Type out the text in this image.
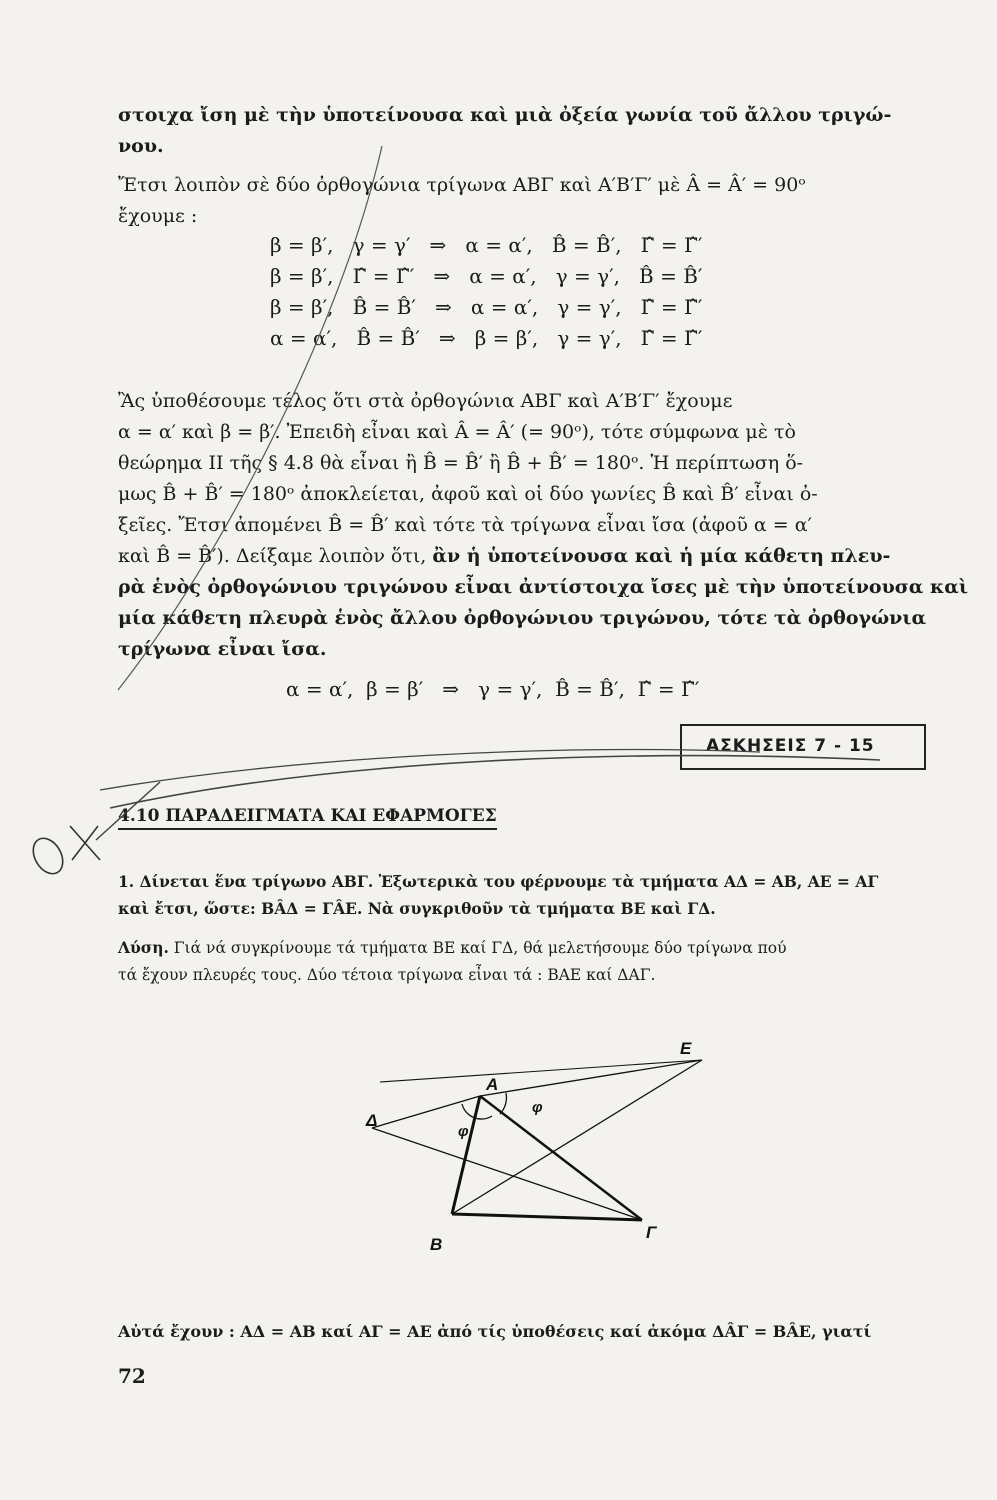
στοιχα ἴση μὲ τὴν ὑποτείνουσα καὶ μιὰ ὀξεία γωνία τοῦ ἄλλου τριγώ-
νου.
Ἔτσι λοιπὸν σὲ δύο ὀρθογώνια τρίγωνα ΑΒΓ καὶ Α′Β′Γ′ μὲ Â = Â′ = 90ᵒ
ἔχουμε :
β = β′,   γ = γ′   ⇒   α = α′,   B̂ = B̂′,   Γ̂ = Γ̂′
β = β′,   Γ̂ = Γ̂′   ⇒   α = α′,   γ = γ′,   B̂ = B̂′
β = β′,   B̂ = B̂′   ⇒   α = α′,   γ = γ′,   Γ̂ = Γ̂′
α = α′,   B̂ = B̂′   ⇒   β = β′,   γ = γ′,   Γ̂ = Γ̂′
Ἂς ὑποθέσουμε τέλος ὅτι στὰ ὀρθογώνια ΑΒΓ καὶ Α′Β′Γ′ ἔχουμε
α = α′ καὶ β = β′. Ἐπειδὴ εἶναι καὶ Â = Â′ (= 90ᵒ), τότε σύμφωνα μὲ τὸ
θεώρημα ΙΙ τῆς § 4.8 θὰ εἶναι ἢ B̂ = B̂′ ἢ B̂ + B̂′ = 180ᵒ. Ἡ περίπτωση ὅ-
μως B̂ + B̂′ = 180ᵒ ἀποκλείεται, ἀφοῦ καὶ οἱ δύο γωνίες B̂ καὶ B̂′ εἶναι ὀ-
ξεῖες. Ἔτσι ἀπομένει B̂ = B̂′ καὶ τότε τὰ τρίγωνα εἶναι ἴσα (ἀφοῦ α = α′
καὶ B̂ = B̂′). Δείξαμε λοιπὸν ὅτι, ἂν ἡ ὑποτείνουσα καὶ ἡ μία κάθετη πλευ-
ρὰ ἑνὸς ὀρθογώνιου τριγώνου εἶναι ἀντίστοιχα ἴσες μὲ τὴν ὑποτείνουσα καὶ
μία κάθετη πλευρὰ ἑνὸς ἄλλου ὀρθογώνιου τριγώνου, τότε τὰ ὀρθογώνια
τρίγωνα εἶναι ἴσα.
α = α′,  β = β′   ⇒   γ = γ′,  B̂ = B̂′,  Γ̂ = Γ̂′
ΑΣΚΗΣΕΙΣ 7 - 15
4.10 ΠΑΡΑΔΕΙΓΜΑΤΑ ΚΑΙ ΕΦΑΡΜΟΓΕΣ
1. Δίνεται ἕνα τρίγωνο ΑΒΓ. Ἐξωτερικὰ του φέρνουμε τὰ τμήματα ΑΔ = ΑΒ, ΑΕ = ΑΓ
καὶ ἔτσι, ὥστε: BÂΔ = ΓÂΕ. Νὰ συγκριθοῦν τὰ τμήματα ΒΕ καὶ ΓΔ.
Λύση. Γιά νά συγκρίνουμε τά τμήματα ΒΕ καί ΓΔ, θά μελετήσουμε δύο τρίγωνα πού
τά ἔχουν πλευρές τους. Δύο τέτοια τρίγωνα εἶναι τά : ΒΑΕ καί ΔΑΓ.
Αὐτά ἔχουν : ΑΔ = ΑΒ καί ΑΓ = ΑΕ ἀπό τίς ὑποθέσεις καί ἀκόμα ΔÂΓ = BÂΕ, γιατί
72
A
B
Γ
Δ
E
φ
φ
